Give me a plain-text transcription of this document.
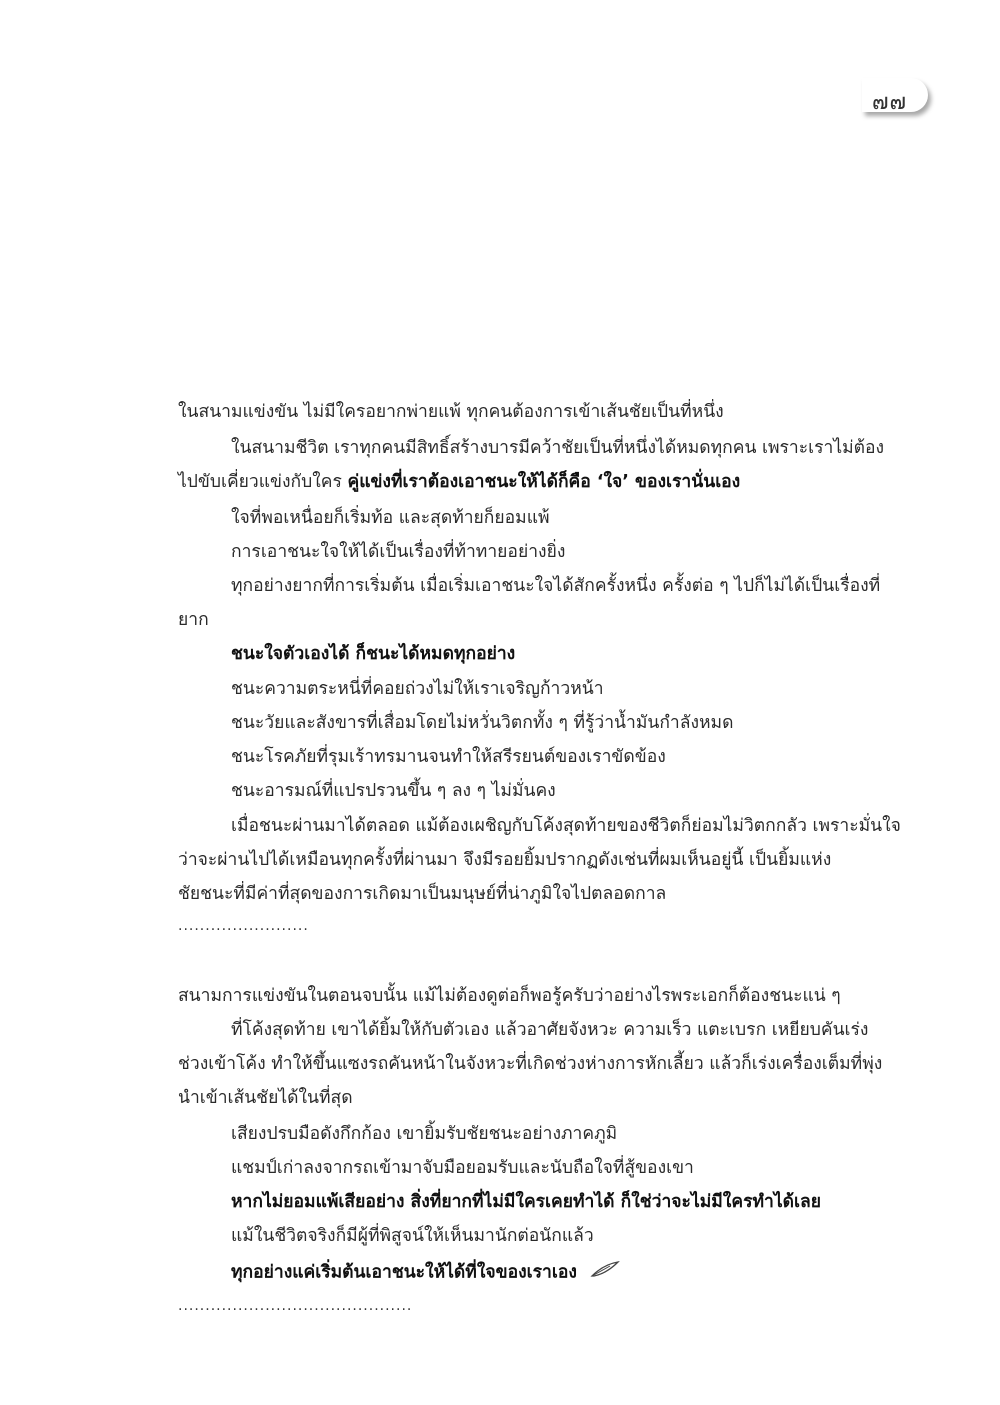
๗๗
ในสนามแข่งขัน ไม่มีใครอยากพ่ายแพ้ ทุกคนต้องการเข้าเส้นชัยเป็นที่หนึ่ง
ในสนามชีวิต เราทุกคนมีสิทธิ์สร้างบารมีคว้าชัยเป็นที่หนึ่งได้หมดทุกคน เพราะเราไม่ต้อง
ไปขับเคี่ยวแข่งกับใคร คู่แข่งที่เราต้องเอาชนะให้ได้ก็คือ ‘ใจ’ ของเรานั่นเอง
ใจที่พอเหนื่อยก็เริ่มท้อ และสุดท้ายก็ยอมแพ้
การเอาชนะใจให้ได้เป็นเรื่องที่ท้าทายอย่างยิ่ง
ทุกอย่างยากที่การเริ่มต้น เมื่อเริ่มเอาชนะใจได้สักครั้งหนึ่ง ครั้งต่อ ๆ ไปก็ไม่ได้เป็นเรื่องที่
ยาก
ชนะใจตัวเองได้ ก็ชนะได้หมดทุกอย่าง
ชนะความตระหนี่ที่คอยถ่วงไม่ให้เราเจริญก้าวหน้า
ชนะวัยและสังขารที่เสื่อมโดยไม่หวั่นวิตกทั้ง ๆ ที่รู้ว่าน้ำมันกำลังหมด
ชนะโรคภัยที่รุมเร้าทรมานจนทำให้สรีรยนต์ของเราขัดข้อง
ชนะอารมณ์ที่แปรปรวนขึ้น ๆ ลง ๆ ไม่มั่นคง
เมื่อชนะผ่านมาได้ตลอด แม้ต้องเผชิญกับโค้งสุดท้ายของชีวิตก็ย่อมไม่วิตกกลัว เพราะมั่นใจ
ว่าจะผ่านไปได้เหมือนทุกครั้งที่ผ่านมา จึงมีรอยยิ้มปรากฏดังเช่นที่ผมเห็นอยู่นี้ เป็นยิ้มแห่ง
ชัยชนะที่มีค่าที่สุดของการเกิดมาเป็นมนุษย์ที่น่าภูมิใจไปตลอดกาล
........................
สนามการแข่งขันในตอนจบนั้น แม้ไม่ต้องดูต่อก็พอรู้ครับว่าอย่างไรพระเอกก็ต้องชนะแน่ ๆ
ที่โค้งสุดท้าย เขาได้ยิ้มให้กับตัวเอง แล้วอาศัยจังหวะ ความเร็ว แตะเบรก เหยียบคันเร่ง
ช่วงเข้าโค้ง ทำให้ขึ้นแซงรถคันหน้าในจังหวะที่เกิดช่วงห่างการหักเลี้ยว แล้วก็เร่งเครื่องเต็มที่พุ่ง
นำเข้าเส้นชัยได้ในที่สุด
เสียงปรบมือดังกึกก้อง เขายิ้มรับชัยชนะอย่างภาคภูมิ
แชมป์เก่าลงจากรถเข้ามาจับมือยอมรับและนับถือใจที่สู้ของเขา
หากไม่ยอมแพ้เสียอย่าง สิ่งที่ยากที่ไม่มีใครเคยทำได้ ก็ใช่ว่าจะไม่มีใครทำได้เลย
แม้ในชีวิตจริงก็มีผู้ที่พิสูจน์ให้เห็นมานักต่อนักแล้ว
ทุกอย่างแค่เริ่มต้นเอาชนะให้ได้ที่ใจของเราเอง
...........................................
